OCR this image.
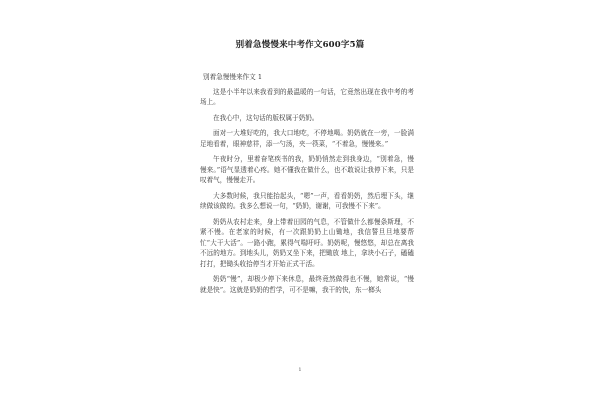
别着急慢慢来中考作文600字5篇

别着急慢慢来作文 1

这是小半年以来我看到的最温暖的一句话，它竟然出现在我中考的考场上。

在我心中，这句话的版权属于奶奶。

面对一大堆好吃的，我大口地吃，不停地喝。奶奶就在一旁，一脸满足地看着，眼神慈祥，添一勺汤，夹一筷菜，“不着急，慢慢来。”

午夜时分，里着奋笔疾书的我，奶奶悄然走到我身边，“别着急，慢慢来。”语气显透着心疼。她不懂我在做什么，也不敢说让我停下来，只是叹着气，慢慢走开。

大多数时候，我只能抬起头，“嗯”一声，看看奶奶，然后埋下头，继续做该做的。我多么想说一句，“奶奶，谢谢，可我慢不下来”。

奶奶从农村走来，身上带着田园的气息，不管做什么都慢条斯理，不紧不慢。在老家的时候，有一次跟奶奶上山锄地，我信誓旦旦地要帮忙“大干大活”。一路小跑，累得气喘吁吁。奶奶呢，慢悠悠，却总在离我不远的地方。到地头儿，奶奶又坐下来，把锄放 地上，拿块小石子，磕磕打打，把锄头收拾停当才开始正式干活。

奶奶“慢”，却极少停下来休息，最终竟然做得也不慢，她常说，“慢就是快”。这就是奶奶的哲学，可不是嘛，我干的快，东一榔头

1
